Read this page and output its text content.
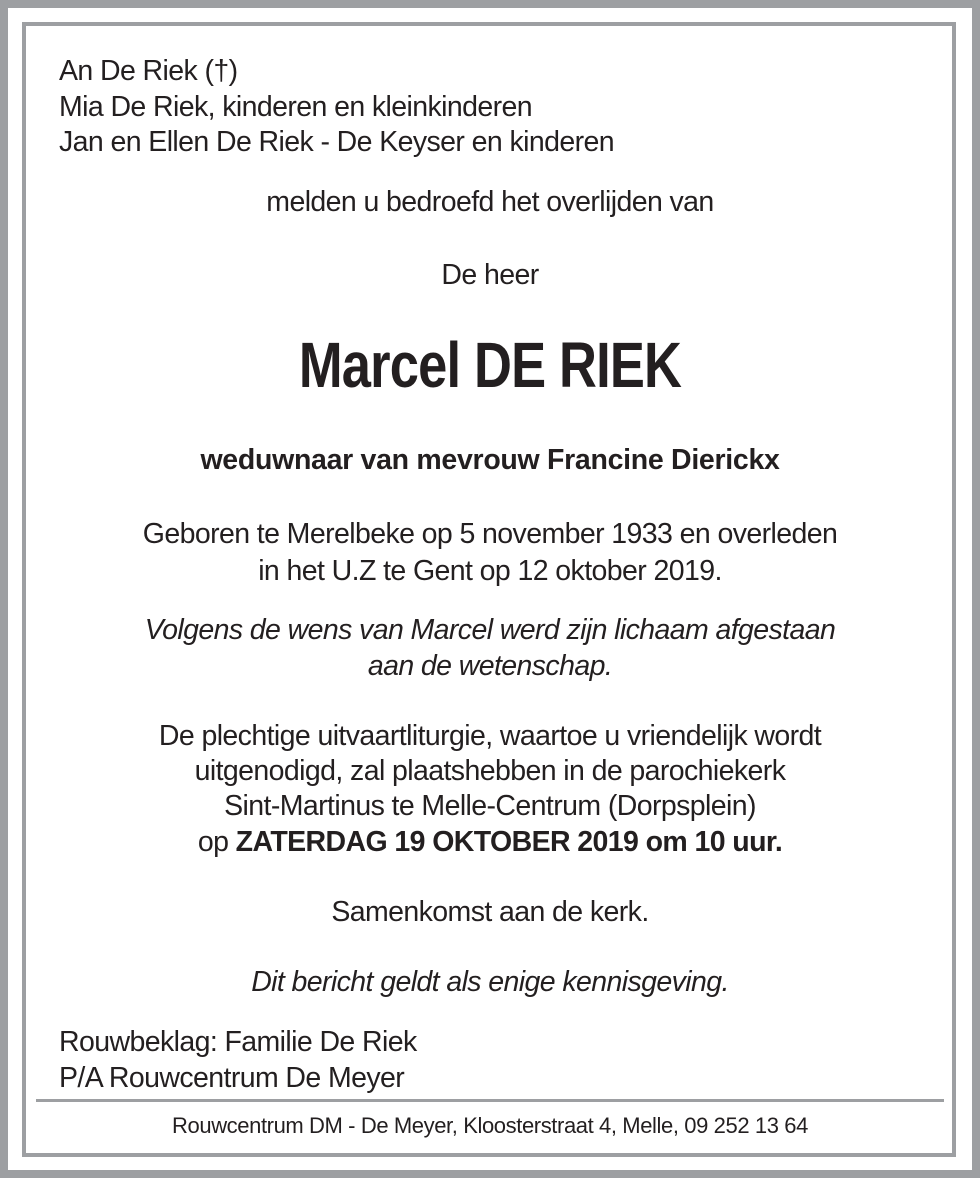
An De Riek (†)
Mia De Riek, kinderen en kleinkinderen
Jan en Ellen De Riek - De Keyser en kinderen
melden u bedroefd het overlijden van
De heer
Marcel DE RIEK
weduwnaar van mevrouw Francine Dierickx
Geboren te Merelbeke op 5 november 1933 en overleden
in het U.Z te Gent op 12 oktober 2019.
Volgens de wens van Marcel werd zijn lichaam afgestaan
aan de wetenschap.
De plechtige uitvaartliturgie, waartoe u vriendelijk wordt
uitgenodigd, zal plaatshebben in de parochiekerk
Sint-Martinus te Melle-Centrum (Dorpsplein)
op ZATERDAG 19 OKTOBER 2019 om 10 uur.
Samenkomst aan de kerk.
Dit bericht geldt als enige kennisgeving.
Rouwbeklag: Familie De Riek
P/A Rouwcentrum De Meyer
Rouwcentrum DM - De Meyer, Kloosterstraat 4, Melle, 09 252 13 64
